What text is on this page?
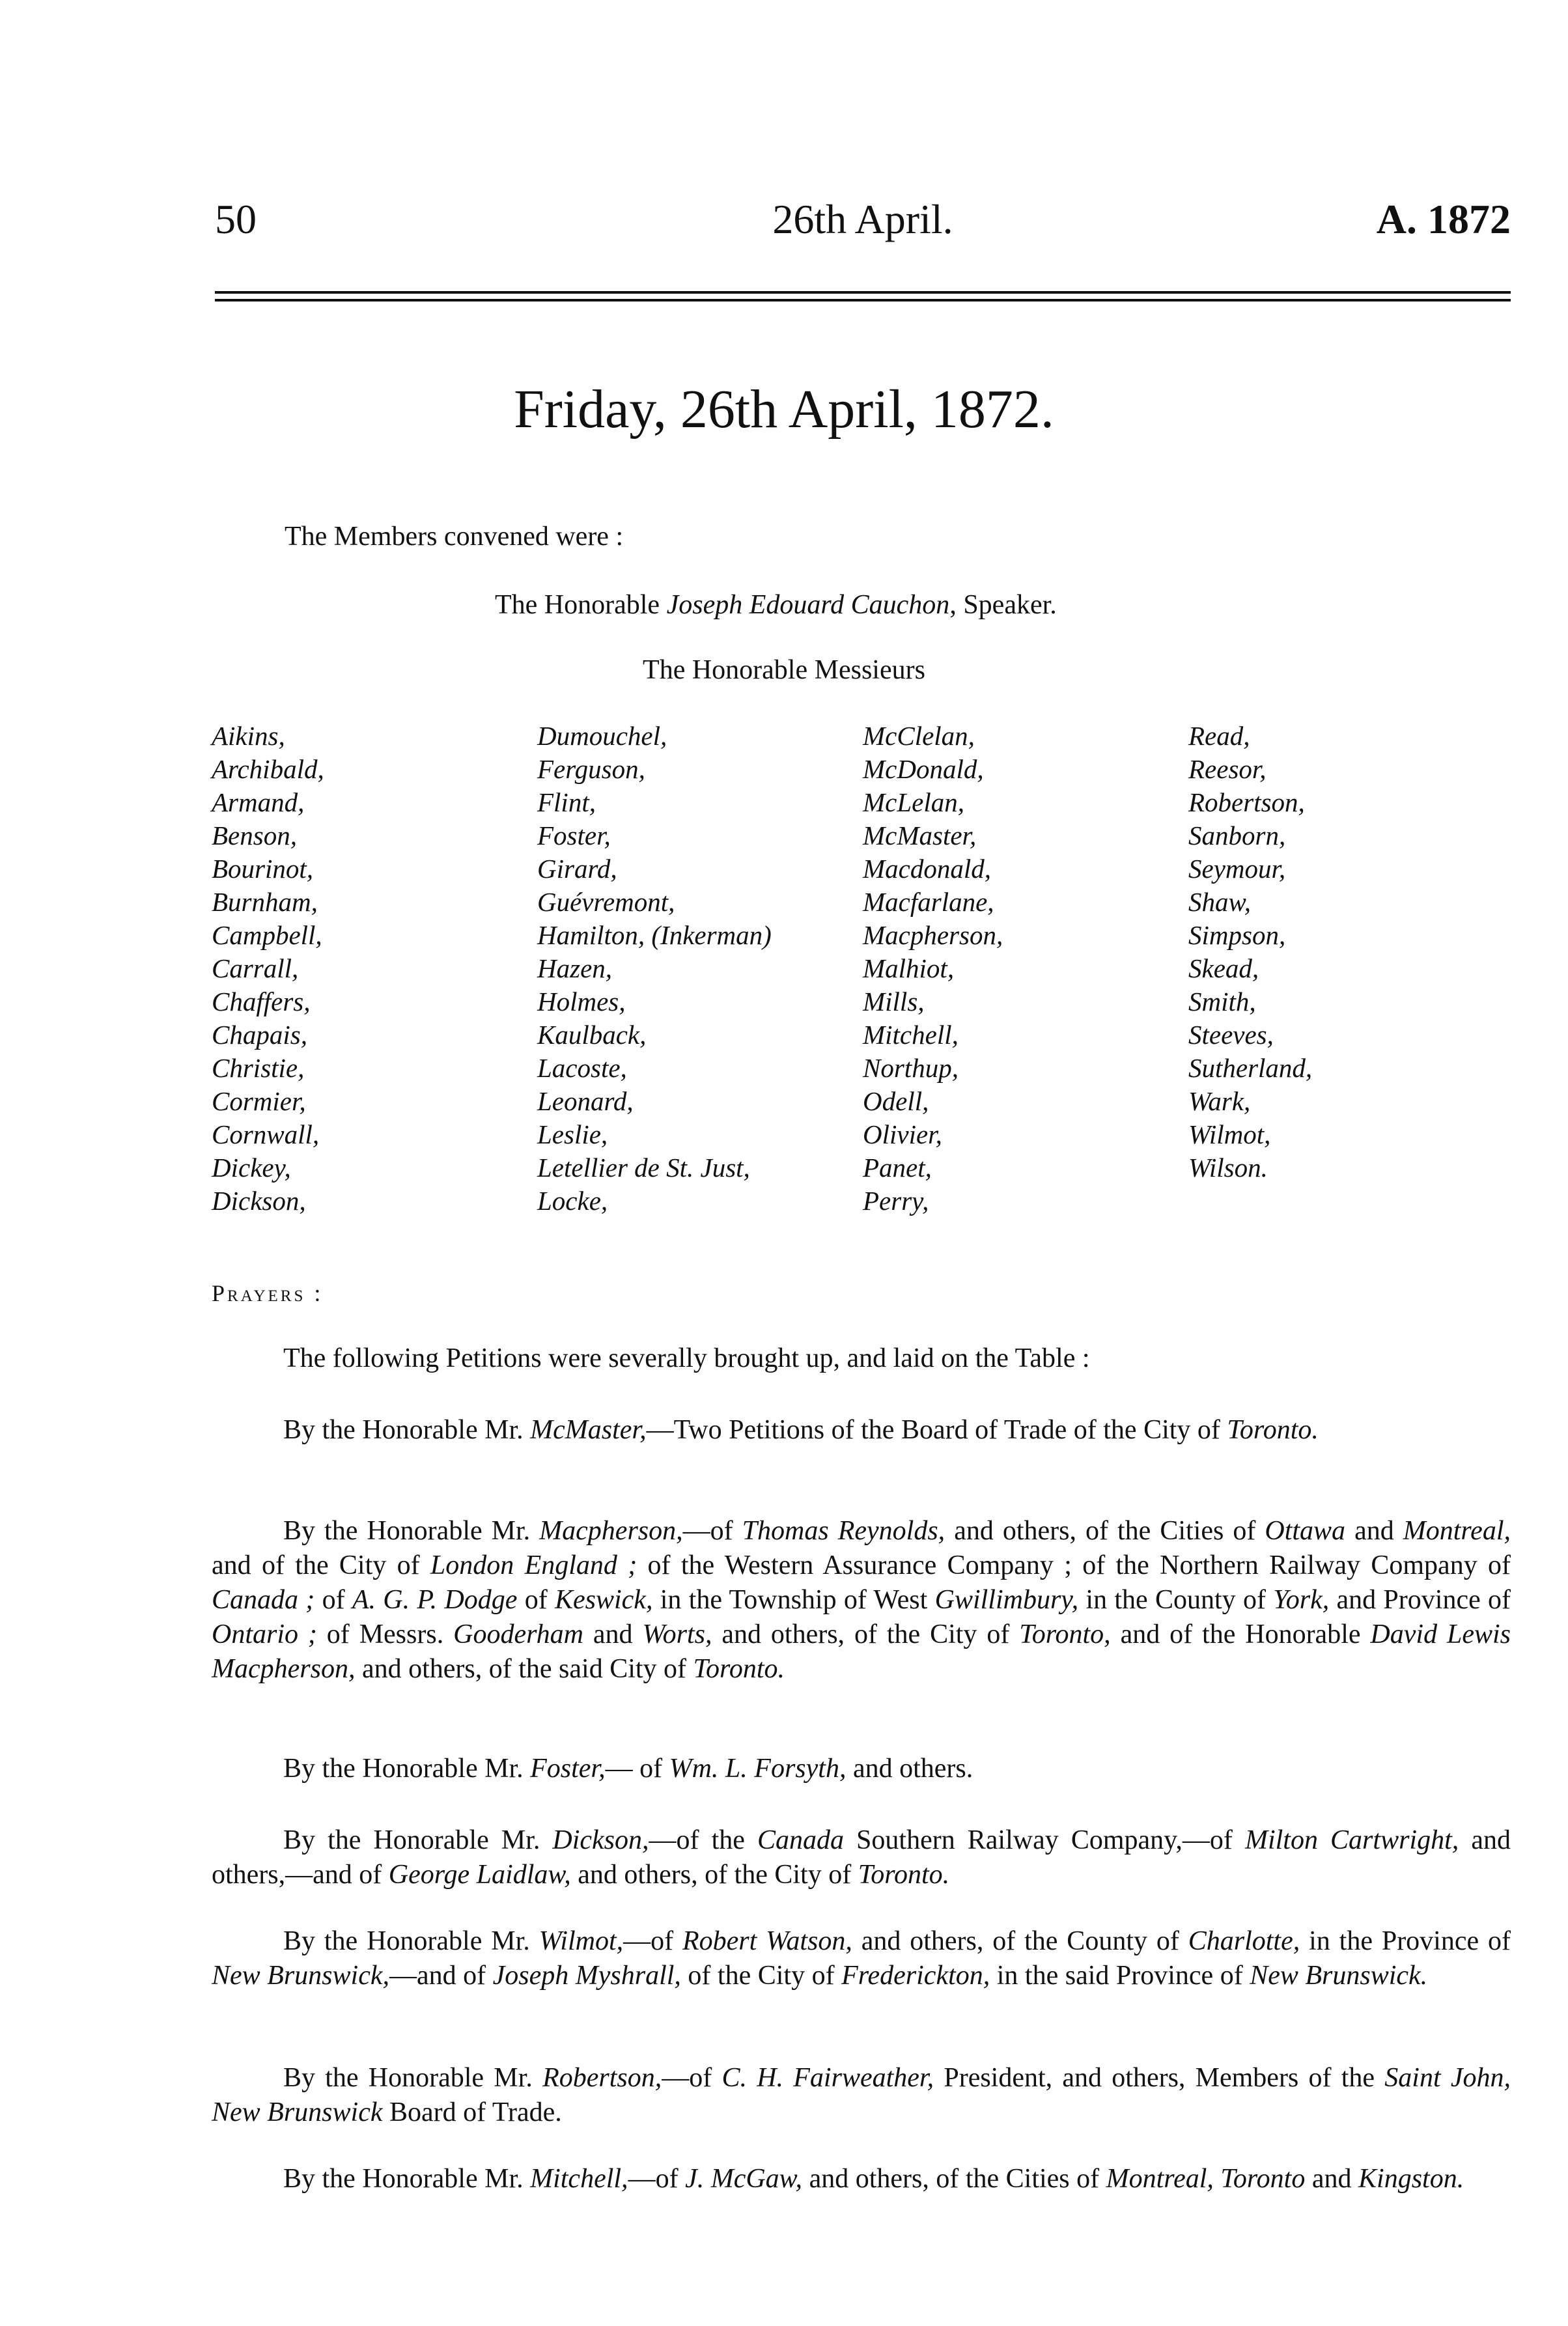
50	26th April.	A. 1872
Friday, 26th April, 1872.
The Members convened were :
The Honorable Joseph Edouard Cauchon, Speaker.
The Honorable Messieurs
Aikins,
Archibald,
Armand,
Benson,
Bourinot,
Burnham,
Campbell,
Carrall,
Chaffers,
Chapais,
Christie,
Cormier,
Cornwall,
Dickey,
Dickson,
Dumouchel,
Ferguson,
Flint,
Foster,
Girard,
Guévremont,
Hamilton, (Inkerman)
Hazen,
Holmes,
Kaulback,
Lacoste,
Leonard,
Leslie,
Letellier de St. Just,
Locke,
McClelan,
McDonald,
McLelan,
McMaster,
Macdonald,
Macfarlane,
Macpherson,
Malhiot,
Mills,
Mitchell,
Northup,
Odell,
Olivier,
Panet,
Perry,
Read,
Reesor,
Robertson,
Sanborn,
Seymour,
Shaw,
Simpson,
Skead,
Smith,
Steeves,
Sutherland,
Wark,
Wilmot,
Wilson.
Prayers :
The following Petitions were severally brought up, and laid on the Table :
By the Honorable Mr. McMaster,—Two Petitions of the Board of Trade of the City of Toronto.
By the Honorable Mr. Macpherson,—of Thomas Reynolds, and others, of the Cities of Ottawa and Montreal, and of the City of London England ; of the Western Assurance Company ; of the Northern Railway Company of Canada ; of A. G. P. Dodge of Keswick, in the Township of West Gwillimbury, in the County of York, and Province of Ontario ; of Messrs. Gooderham and Worts, and others, of the City of Toronto, and of the Honorable David Lewis Macpherson, and others, of the said City of Toronto.
By the Honorable Mr. Foster,— of Wm. L. Forsyth, and others.
By the Honorable Mr. Dickson,—of the Canada Southern Railway Company,—of Milton Cartwright, and others,—and of George Laidlaw, and others, of the City of Toronto.
By the Honorable Mr. Wilmot,—of Robert Watson, and others, of the County of Charlotte, in the Province of New Brunswick,—and of Joseph Myshrall, of the City of Frederickton, in the said Province of New Brunswick.
By the Honorable Mr. Robertson,—of C. H. Fairweather, President, and others, Members of the Saint John, New Brunswick Board of Trade.
By the Honorable Mr. Mitchell,—of J. McGaw, and others, of the Cities of Montreal, Toronto and Kingston.
